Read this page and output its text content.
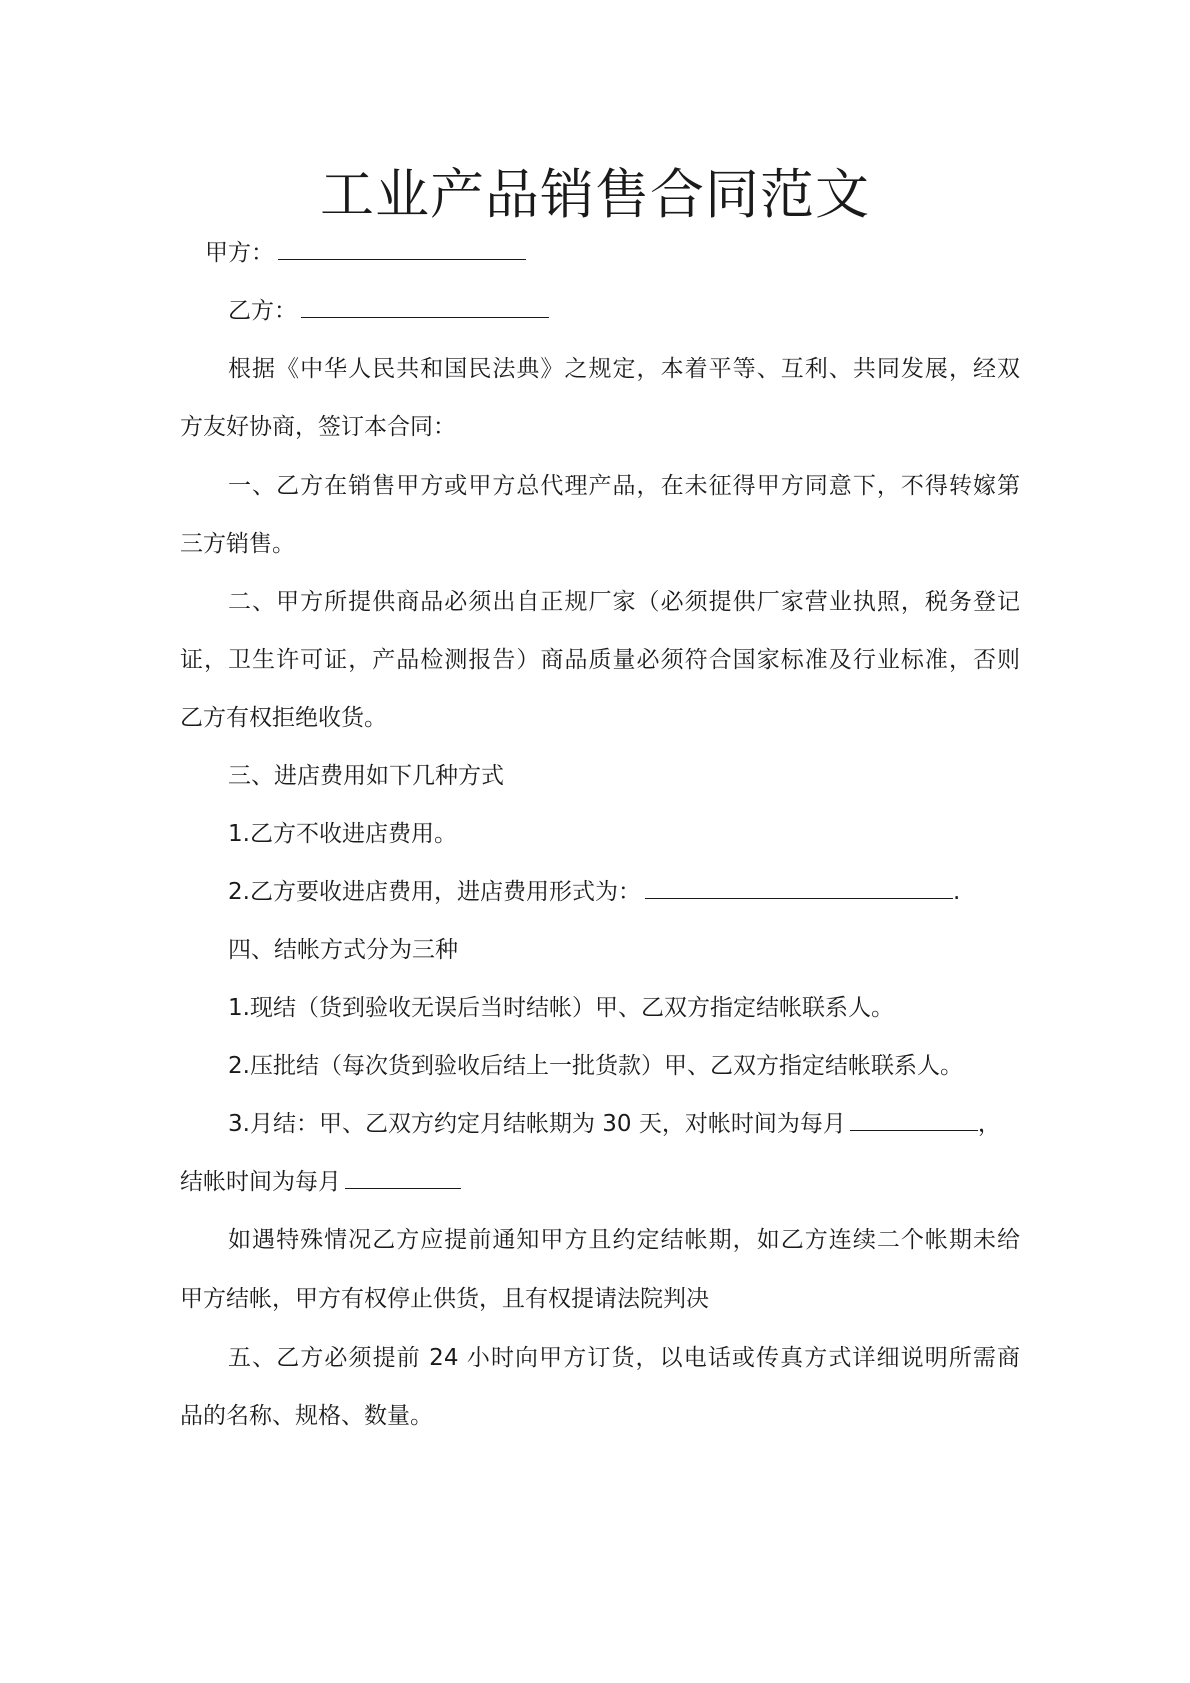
工业产品销售合同范文

甲方：

乙方：

根据《中华人民共和国民法典》之规定，本着平等、互利、共同发展，经双

方友好协商，签订本合同：

一、乙方在销售甲方或甲方总代理产品，在未征得甲方同意下，不得转嫁第

三方销售。

二、甲方所提供商品必须出自正规厂家（必须提供厂家营业执照，税务登记

证，卫生许可证，产品检测报告）商品质量必须符合国家标准及行业标准，否则

乙方有权拒绝收货。

三、进店费用如下几种方式

1.乙方不收进店费用。

2.乙方要收进店费用，进店费用形式为：	.

四、结帐方式分为三种

1.现结（货到验收无误后当时结帐）甲、乙双方指定结帐联系人。

2.压批结（每次货到验收后结上一批货款）甲、乙双方指定结帐联系人。

3.月结：甲、乙双方约定月结帐期为 30 天，对帐时间为每月	，

结帐时间为每月

如遇特殊情况乙方应提前通知甲方且约定结帐期，如乙方连续二个帐期未给

甲方结帐，甲方有权停止供货，且有权提请法院判决

五、乙方必须提前 24 小时向甲方订货，以电话或传真方式详细说明所需商

品的名称、规格、数量。
